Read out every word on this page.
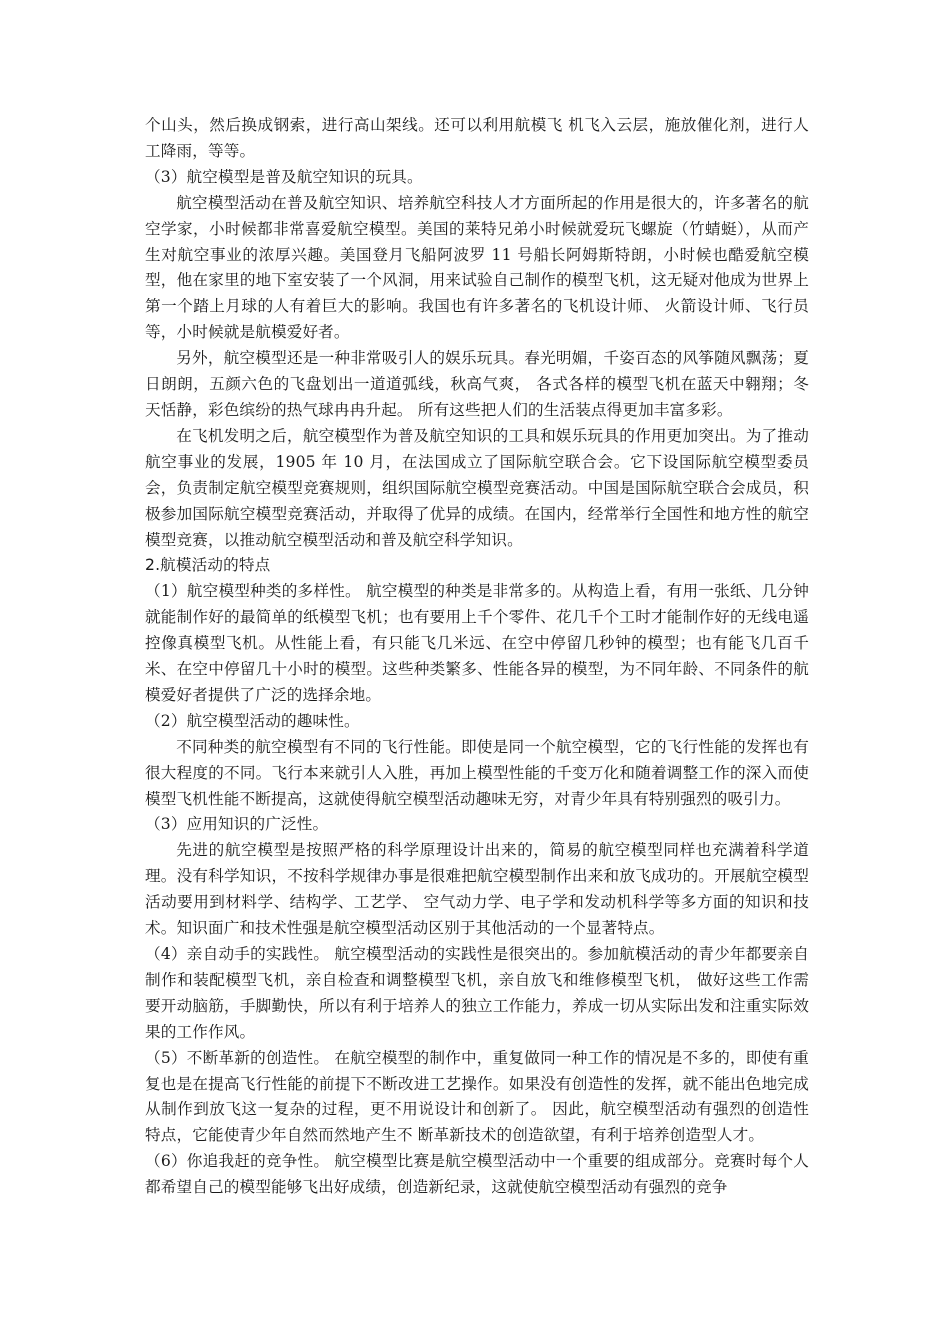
个山头，然后换成钢索，进行高山架线。还可以利用航模飞 机飞入云层，施放催化剂，进行人工降雨，等等。

（3）航空模型是普及航空知识的玩具。

航空模型活动在普及航空知识、培养航空科技人才方面所起的作用是很大的，许多著名的航空学家，小时候都非常喜爱航空模型。美国的莱特兄弟小时候就爱玩飞螺旋（竹蜻蜓），从而产生对航空事业的浓厚兴趣。美国登月飞船阿波罗 11 号船长阿姆斯特朗，小时候也酷爱航空模型，他在家里的地下室安装了一个风洞，用来试验自己制作的模型飞机，这无疑对他成为世界上第一个踏上月球的人有着巨大的影响。我国也有许多著名的飞机设计师、 火箭设计师、飞行员等，小时候就是航模爱好者。

另外，航空模型还是一种非常吸引人的娱乐玩具。春光明媚，千姿百态的风筝随风飘荡；夏日朗朗，五颜六色的飞盘划出一道道弧线，秋高气爽， 各式各样的模型飞机在蓝天中翱翔；冬天恬静，彩色缤纷的热气球冉冉升起。 所有这些把人们的生活装点得更加丰富多彩。

在飞机发明之后，航空模型作为普及航空知识的工具和娱乐玩具的作用更加突出。为了推动航空事业的发展，1905 年 10 月，在法国成立了国际航空联合会。它下设国际航空模型委员会，负责制定航空模型竞赛规则，组织国际航空模型竞赛活动。中国是国际航空联合会成员，积极参加国际航空模型竞赛活动，并取得了优异的成绩。在国内，经常举行全国性和地方性的航空模型竞赛，以推动航空模型活动和普及航空科学知识。

2.航模活动的特点

（1）航空模型种类的多样性。 航空模型的种类是非常多的。从构造上看，有用一张纸、几分钟就能制作好的最简单的纸模型飞机；也有要用上千个零件、花几千个工时才能制作好的无线电遥控像真模型飞机。从性能上看，有只能飞几米远、在空中停留几秒钟的模型；也有能飞几百千米、在空中停留几十小时的模型。这些种类繁多、性能各异的模型，为不同年龄、不同条件的航模爱好者提供了广泛的选择余地。

（2）航空模型活动的趣味性。

不同种类的航空模型有不同的飞行性能。即使是同一个航空模型，它的飞行性能的发挥也有很大程度的不同。飞行本来就引人入胜，再加上模型性能的千变万化和随着调整工作的深入而使模型飞机性能不断提高，这就使得航空模型活动趣味无穷，对青少年具有特别强烈的吸引力。

（3）应用知识的广泛性。

先进的航空模型是按照严格的科学原理设计出来的，简易的航空模型同样也充满着科学道理。没有科学知识，不按科学规律办事是很难把航空模型制作出来和放飞成功的。开展航空模型活动要用到材料学、结构学、工艺学、 空气动力学、电子学和发动机科学等多方面的知识和技术。知识面广和技术性强是航空模型活动区别于其他活动的一个显著特点。

（4）亲自动手的实践性。 航空模型活动的实践性是很突出的。参加航模活动的青少年都要亲自制作和装配模型飞机，亲自检查和调整模型飞机，亲自放飞和维修模型飞机， 做好这些工作需要开动脑筋，手脚勤快，所以有利于培养人的独立工作能力，养成一切从实际出发和注重实际效果的工作作风。

（5）不断革新的创造性。 在航空模型的制作中，重复做同一种工作的情况是不多的，即使有重复也是在提高飞行性能的前提下不断改进工艺操作。如果没有创造性的发挥，就不能出色地完成从制作到放飞这一复杂的过程，更不用说设计和创新了。 因此，航空模型活动有强烈的创造性特点，它能使青少年自然而然地产生不 断革新技术的创造欲望，有利于培养创造型人才。

（6）你追我赶的竞争性。 航空模型比赛是航空模型活动中一个重要的组成部分。竞赛时每个人都希望自己的模型能够飞出好成绩，创造新纪录，这就使航空模型活动有强烈的竞争
